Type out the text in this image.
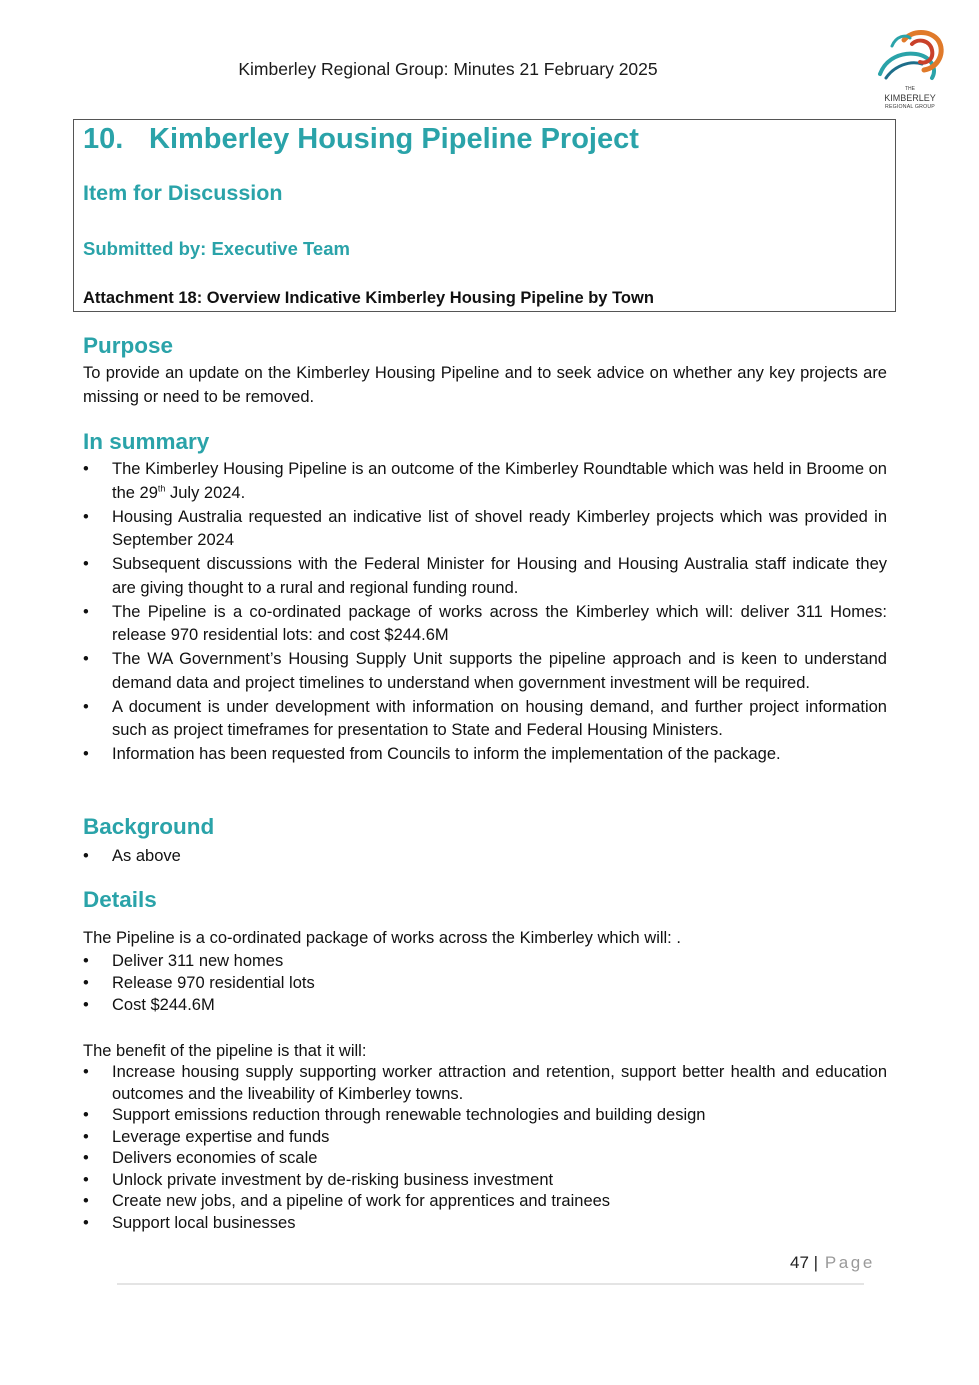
Kimberley Regional Group: Minutes 21 February 2025
THE
KIMBERLEY
REGIONAL GROUP
10. Kimberley Housing Pipeline Project
Item for Discussion
Submitted by: Executive Team
Attachment 18: Overview Indicative Kimberley Housing Pipeline by Town
Purpose
To provide an update on the Kimberley Housing Pipeline and to seek advice on whether any key projects are missing or need to be removed.
In summary
• The Kimberley Housing Pipeline is an outcome of the Kimberley Roundtable which was held in Broome on the 29th July 2024.
• Housing Australia requested an indicative list of shovel ready Kimberley projects which was provided in September 2024
• Subsequent discussions with the Federal Minister for Housing and Housing Australia staff indicate they are giving thought to a rural and regional funding round.
• The Pipeline is a co-ordinated package of works across the Kimberley which will: deliver 311 Homes: release 970 residential lots: and cost $244.6M
• The WA Government’s Housing Supply Unit supports the pipeline approach and is keen to understand demand data and project timelines to understand when government investment will be required.
• A document is under development with information on housing demand, and further project information such as project timeframes for presentation to State and Federal Housing Ministers.
• Information has been requested from Councils to inform the implementation of the package.
Background
• As above
Details
The Pipeline is a co-ordinated package of works across the Kimberley which will: .
• Deliver 311 new homes
• Release 970 residential lots
• Cost $244.6M
The benefit of the pipeline is that it will:
• Increase housing supply supporting worker attraction and retention, support better health and education outcomes and the liveability of Kimberley towns.
• Support emissions reduction through renewable technologies and building design
• Leverage expertise and funds
• Delivers economies of scale
• Unlock private investment by de-risking business investment
• Create new jobs, and a pipeline of work for apprentices and trainees
• Support local businesses
47 | Page
